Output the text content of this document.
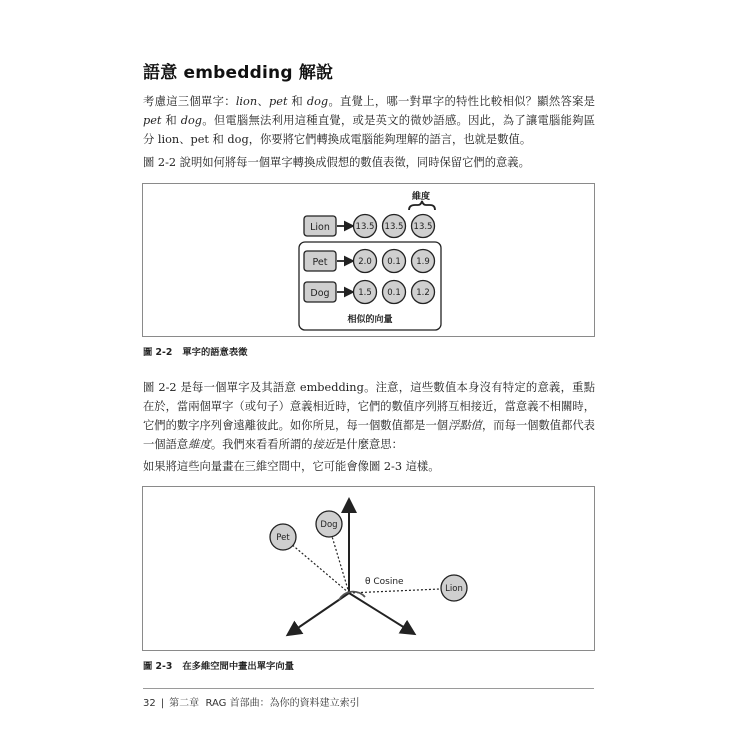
語意 embedding 解說

考慮這三個單字：lion、pet 和 dog。直覺上，哪一對單字的特性比較相似？顯然答案是 pet 和 dog。但電腦無法利用這種直覺，或是英文的微妙語感。因此，為了讓電腦能夠區分 lion、pet 和 dog，你要將它們轉換成電腦能夠理解的語言，也就是數值。

圖 2-2 說明如何將每一個單字轉換成假想的數值表徵，同時保留它們的意義。

維度
Lion	13.5 13.5 13.5
Pet	2.0 0.1 1.9
Dog	1.5 0.1 1.2
相似的向量

圖 2-2 單字的語意表徵

圖 2-2 是每一個單字及其語意 embedding。注意，這些數值本身沒有特定的意義，重點在於，當兩個單字（或句子）意義相近時，它們的數值序列將互相接近，當意義不相關時，它們的數字序列會遠離彼此。如你所見，每一個數值都是一個浮點值，而每一個數值都代表一個語意維度。我們來看看所謂的接近是什麼意思：

如果將這些向量畫在三維空間中，它可能會像圖 2-3 這樣。

θ Cosine
Pet
Dog
Lion

圖 2-3 在多維空間中畫出單字向量

32 | 第二章 RAG 首部曲：為你的資料建立索引
